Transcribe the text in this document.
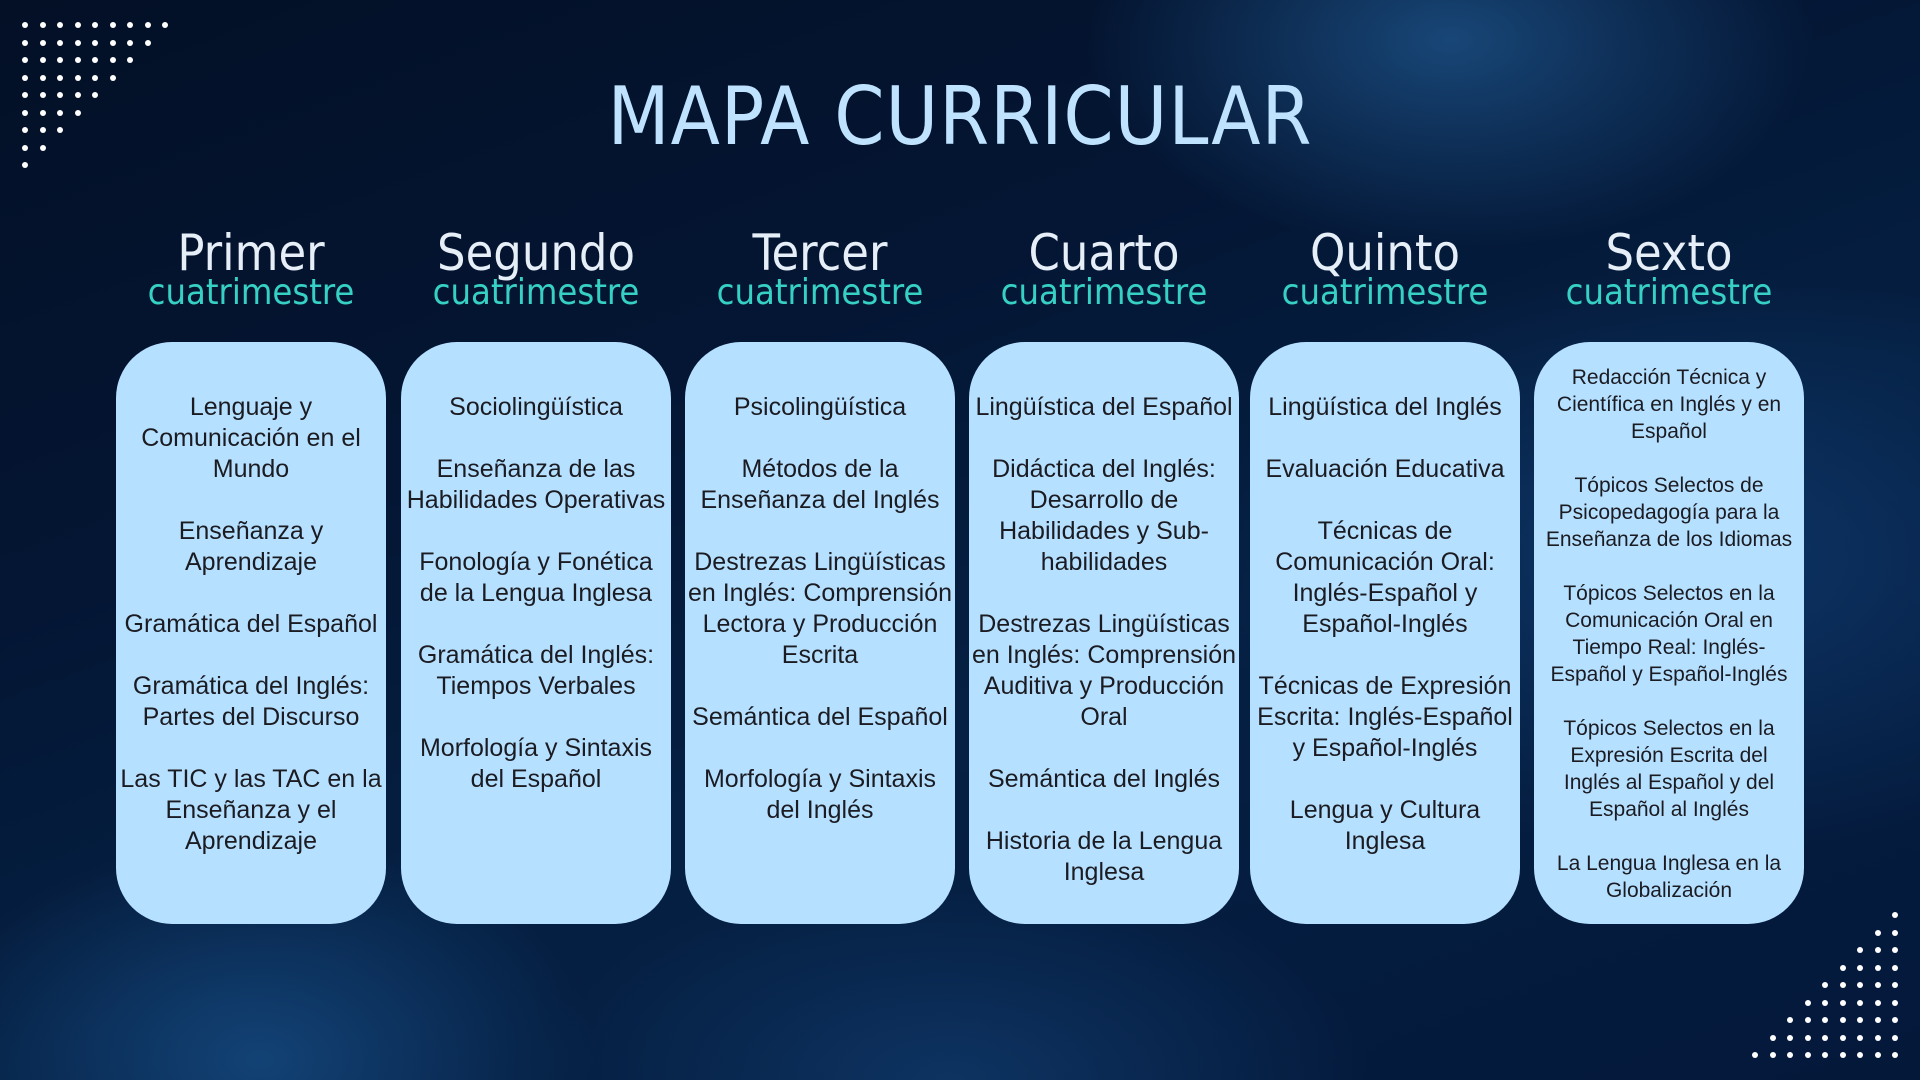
MAPA CURRICULAR
Primer
cuatrimestre
Lenguaje y Comunicación en el Mundo
Enseñanza y Aprendizaje
Gramática del Español
Gramática del Inglés: Partes del Discurso
Las TIC y las TAC en la Enseñanza y el Aprendizaje
Segundo
cuatrimestre
Sociolingüística
Enseñanza de las Habilidades Operativas
Fonología y Fonética de la Lengua Inglesa
Gramática del Inglés: Tiempos Verbales
Morfología y Sintaxis del Español
Tercer
cuatrimestre
Psicolingüística
Métodos de la Enseñanza del Inglés
Destrezas Lingüísticas en Inglés: Comprensión Lectora y Producción Escrita
Semántica del Español
Morfología y Sintaxis del Inglés
Cuarto
cuatrimestre
Lingüística del Español
Didáctica del Inglés: Desarrollo de Habilidades y Sub-habilidades
Destrezas Lingüísticas en Inglés: Comprensión Auditiva y Producción Oral
Semántica del Inglés
Historia de la Lengua Inglesa
Quinto
cuatrimestre
Lingüística del Inglés
Evaluación Educativa
Técnicas de Comunicación Oral: Inglés-Español y Español-Inglés
Técnicas de Expresión Escrita: Inglés-Español y Español-Inglés
Lengua y Cultura Inglesa
Sexto
cuatrimestre
Redacción Técnica y Científica en Inglés y en Español
Tópicos Selectos de Psicopedagogía para la Enseñanza de los Idiomas
Tópicos Selectos en la Comunicación Oral en Tiempo Real: Inglés-Español y Español-Inglés
Tópicos Selectos en la Expresión Escrita del Inglés al Español y del Español al Inglés
La Lengua Inglesa en la Globalización
